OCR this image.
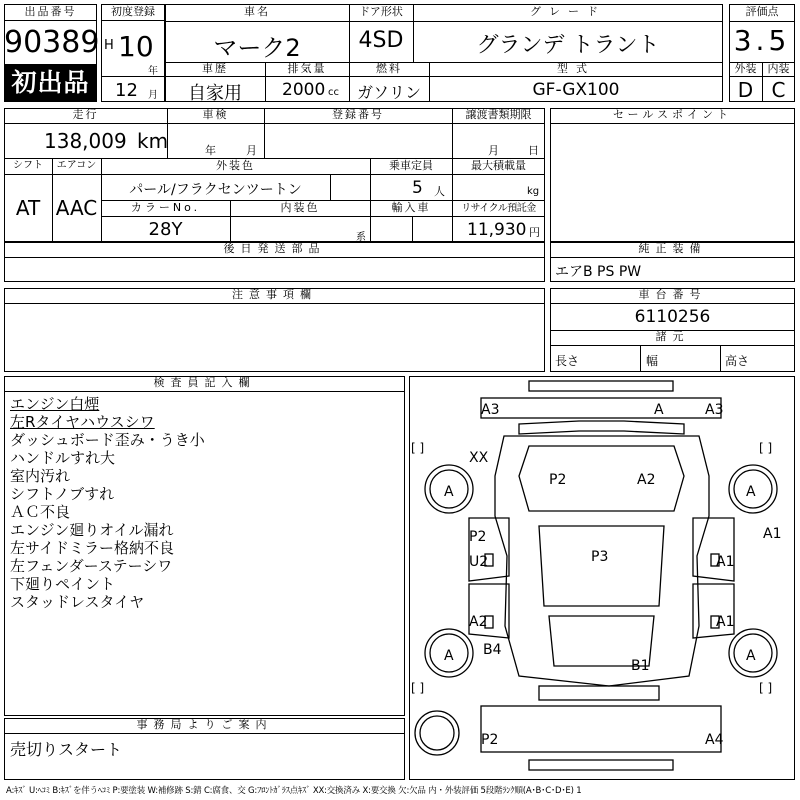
出品番号
90389
初出品
初度登録
H 10
年
12 月
車名
マーク2
ドア形状
4SD
グレード
グランデ トラント
車歴
自家用
排気量
2000 cc
燃料
ガソリン
型式
GF-GX100
評価点
3.5
外装	内装
D C
走行
138,009 km
車検
年	月
登録番号	譲渡書類期限
月	日
シフト
AT
エアコン
AAC
外装色
パール/フラクセンツートン
乗車定員
5 人
最大積載量
kg
カラーNo.
28Y
内装色
系
輸入車	リサイクル預託金
11,930 円
後日発送部品
セールスポイント
純正装備
エアB PS PW
車台番号
6110256
諸元
長さ	幅	高さ
注意事項欄
検査員記入欄
エンジン白煙
左Rタイヤハウスシワ
ダッシュボード歪み・うき小
ハンドルすれ大
室内汚れ
シフトノブすれ
ＡＣ不良
エンジン廻りオイル漏れ
左サイドミラー格納不良
左フェンダーステーシワ
下廻りペイント
スタッドレスタイヤ
事務局よりご案内
売切りスタート
A3	A	A3
XX
P2	A2
A	A
A1
P2
U2	P3	A1
A2	A1
A B4	A
B1
P2	A4
[ ]	[ ]
[ ]	[ ]
A:ｷｽﾞ U:ﾍｺﾐ B:ｷｽﾞを伴うﾍｺﾐ P:要塗装 W:補修跡 S:錆 C:腐食、交 G:ﾌﾛﾝﾄｶﾞﾗｽ点ｷｽﾞ XX:交換済み X:要交換 欠:欠品 内・外装評価 5段階ﾗﾝｸ順(A･B･C･D･E) 1
